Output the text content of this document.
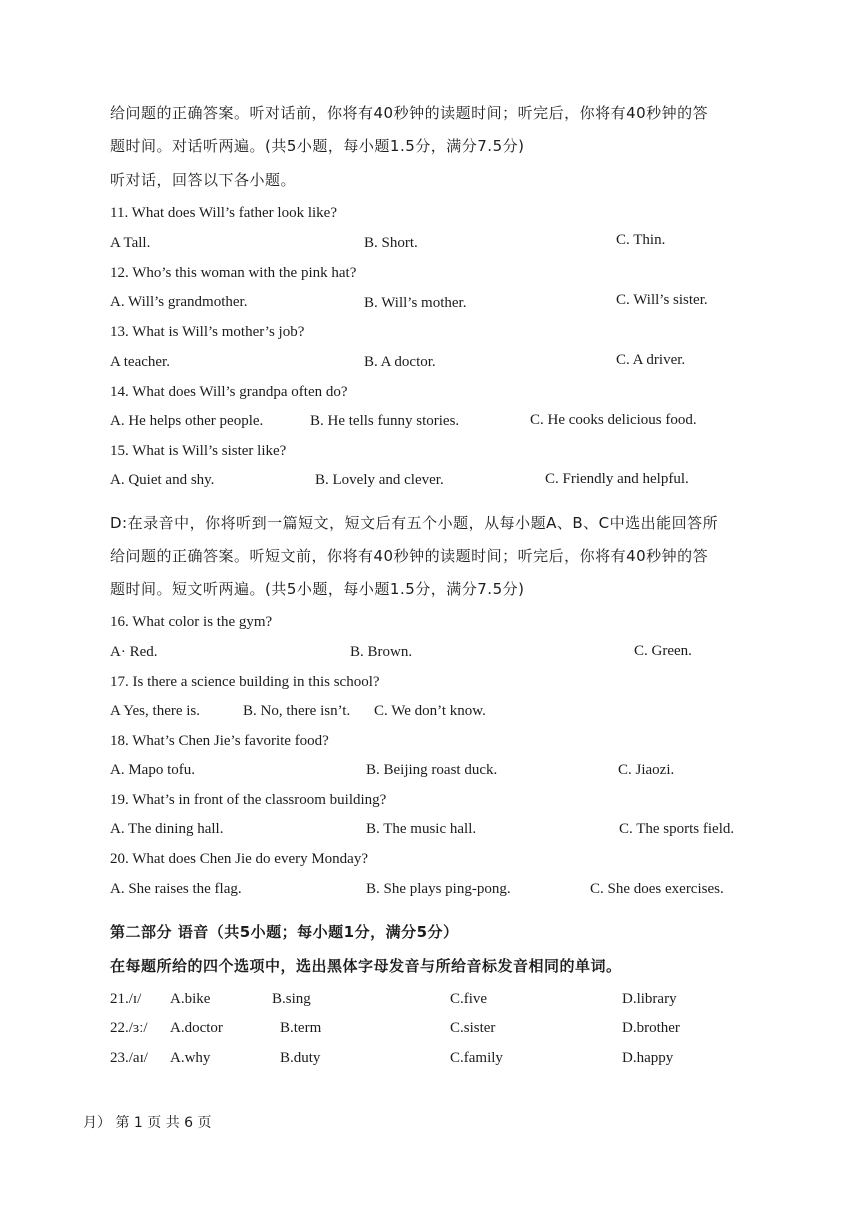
给问题的正确答案。听对话前，你将有40秒钟的读题时间；听完后，你将有40秒钟的答
题时间。对话听两遍。(共5小题，每小题1.5分，满分7.5分)
听对话，回答以下各小题。
11. What does Will’s father look like?
A Tall.	B. Short.	C. Thin.
12. Who’s this woman with the pink hat?
A. Will’s grandmother.	B. Will’s mother.	C. Will’s sister.
13. What is Will’s mother’s job?
A teacher.	B. A doctor.	C. A driver.
14. What does Will’s grandpa often do?
A. He helps other people.	B. He tells funny stories.	C. He cooks delicious food.
15. What is Will’s sister like?
A. Quiet and shy.	B. Lovely and clever.	C. Friendly and helpful.
D:在录音中，你将听到一篇短文，短文后有五个小题，从每小题A、B、C中选出能回答所
给问题的正确答案。听短文前，你将有40秒钟的读题时间；听完后，你将有40秒钟的答
题时间。短文听两遍。(共5小题，每小题1.5分，满分7.5分)
16. What color is the gym?
A· Red.	B. Brown.	C. Green.
17. Is there a science building in this school?
A Yes, there is.	B. No, there isn’t. C. We don’t know.
18. What’s Chen Jie’s favorite food?
A. Mapo tofu.	B. Beijing roast duck.	C. Jiaozi.
19. What’s in front of the classroom building?
A. The dining hall.	B. The music hall.	C. The sports field.
20. What does Chen Jie do every Monday?
A. She raises the flag.	B. She plays ping-pong.	C. She does exercises.
第二部分 语音（共5小题；每小题1分，满分5分）
在每题所给的四个选项中，选出黑体字母发音与所给音标发音相同的单词。
21./ɪ/ A.bike	B.sing	C.five	D.library
22./ɜː/ A.doctor	B.term	C.sister	D.brother
23./aɪ/ A.why	B.duty	C.family	D.happy
月） 第 1 页 共 6 页
